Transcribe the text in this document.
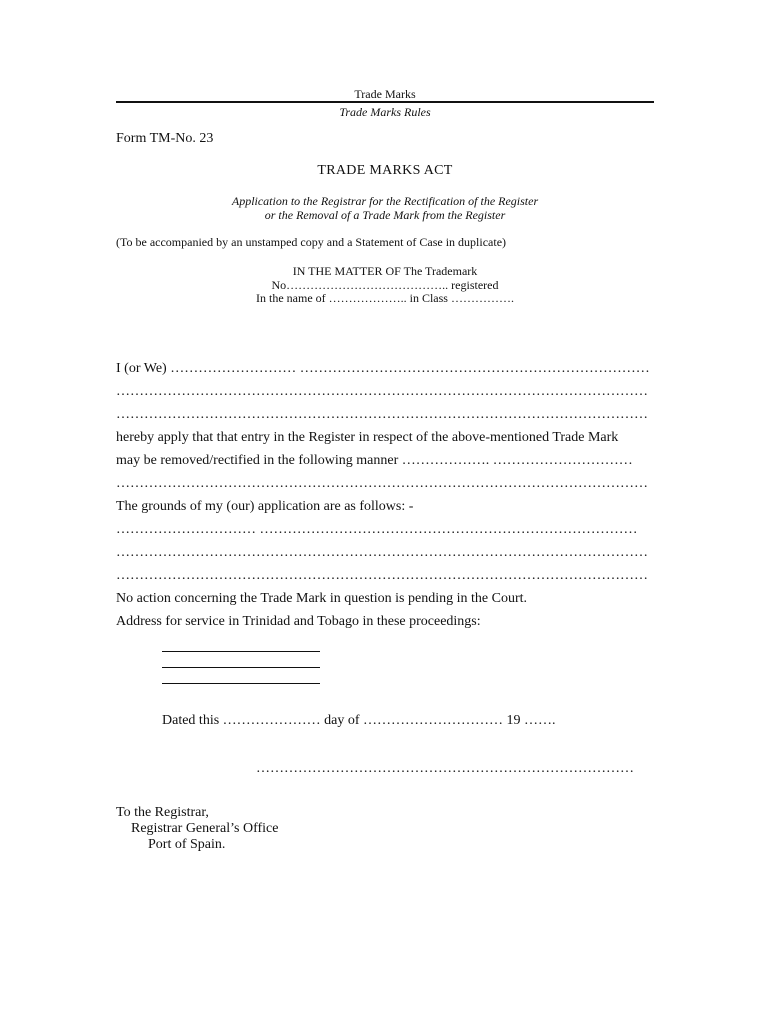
Trade Marks
Trade Marks Rules
Form TM-No. 23
TRADE MARKS ACT
Application to the Registrar for the Rectification of the Register
or the Removal of a Trade Mark from the Register
(To be accompanied by an unstamped copy and a Statement of Case in duplicate)
IN THE MATTER OF The Trademark
No………………………………….. registered
In the name of ……………….. in Class …………….
I (or We) ……………………… …………………………………………………………………
……………………………………………………………………………………………………
……………………………………………………………………………………………………
hereby apply that that entry in the Register in respect of the above-mentioned Trade Mark
may be removed/rectified in the following manner ………………. …………………………
……………………………………………………………………………………………………
The grounds of my (our) application are as follows: -
………………………… ………………………………………………………………………
……………………………………………………………………………………………………
……………………………………………………………………………………………………
No action concerning the Trade Mark in question is pending in the Court.
Address for service in Trinidad and Tobago in these proceedings:
Dated this ………………… day of ………………………… 19 …….
………………………………………………………………………
To the Registrar,
Registrar General’s Office
Port of Spain.
